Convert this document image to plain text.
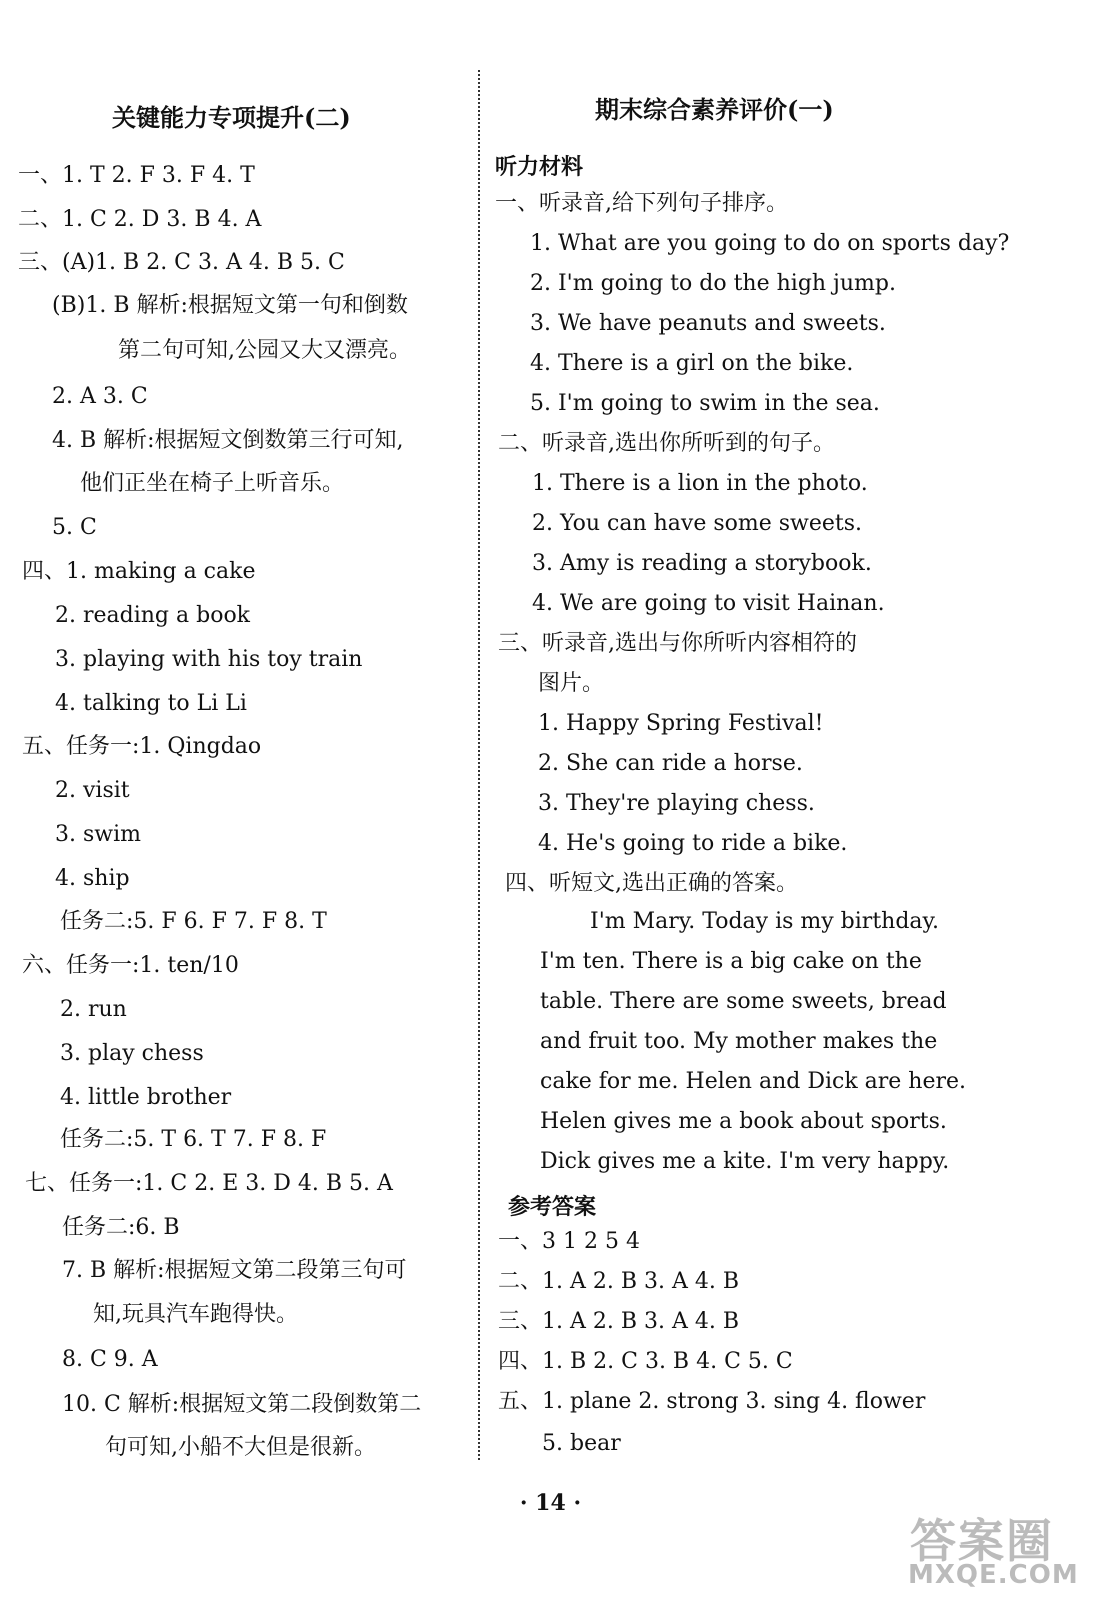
关键能力专项提升(二)
一、1. T 2. F 3. F 4. T
二、1. C 2. D 3. B 4. A
三、(A)1. B 2. C 3. A 4. B 5. C
(B)1. B 解析:根据短文第一句和倒数
第二句可知,公园又大又漂亮。
2. A 3. C
4. B 解析:根据短文倒数第三行可知,
他们正坐在椅子上听音乐。
5. C
四、1. making a cake
2. reading a book
3. playing with his toy train
4. talking to Li Li
五、任务一:1. Qingdao
2. visit
3. swim
4. ship
任务二:5. F 6. F 7. F 8. T
六、任务一:1. ten/10
2. run
3. play chess
4. little brother
任务二:5. T 6. T 7. F 8. F
七、任务一:1. C 2. E 3. D 4. B 5. A
任务二:6. B
7. B 解析:根据短文第二段第三句可
知,玩具汽车跑得快。
8. C 9. A
10. C 解析:根据短文第二段倒数第二
句可知,小船不大但是很新。
期末综合素养评价(一)
听力材料
一、听录音,给下列句子排序。
1. What are you going to do on sports day?
2. I'm going to do the high jump.
3. We have peanuts and sweets.
4. There is a girl on the bike.
5. I'm going to swim in the sea.
二、听录音,选出你所听到的句子。
1. There is a lion in the photo.
2. You can have some sweets.
3. Amy is reading a storybook.
4. We are going to visit Hainan.
三、听录音,选出与你所听内容相符的
图片。
1. Happy Spring Festival!
2. She can ride a horse.
3. They're playing chess.
4. He's going to ride a bike.
四、听短文,选出正确的答案。
I'm Mary. Today is my birthday.
I'm ten. There is a big cake on the
table. There are some sweets, bread
and fruit too. My mother makes the
cake for me. Helen and Dick are here.
Helen gives me a book about sports.
Dick gives me a kite. I'm very happy.
参考答案
一、3 1 2 5 4
二、1. A 2. B 3. A 4. B
三、1. A 2. B 3. A 4. B
四、1. B 2. C 3. B 4. C 5. C
五、1. plane 2. strong 3. sing 4. flower
5. bear
· 14 ·
答案圈
MXQE.COM
